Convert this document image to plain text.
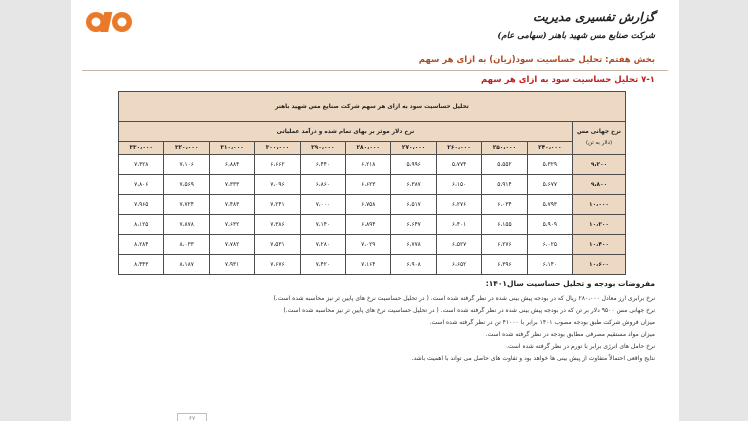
گزارش تفسیری مدیریت
شرکت صنایع مس شهید باهنر (سهامی عام)
بخش هفتم: تحلیل حساسیت سود(زیان) به ازای هر سهم
۷-۱ تحلیل حساسیت سود به ازای هر سهم
تحلیل حساسیت سود به ازای هر سهم شرکت صنایع مس شهید باهنر										
نرخ جهانی مس
(دلار به تن)	نرخ دلار موثر بر بهای تمام شده و درآمد عملیاتی									
	۲۴۰،۰۰۰	۲۵۰،۰۰۰	۲۶۰،۰۰۰	۲۷۰،۰۰۰	۲۸۰،۰۰۰	۲۹۰،۰۰۰	۳۰۰،۰۰۰	۳۱۰،۰۰۰	۳۲۰،۰۰۰	۳۳۰،۰۰۰
۹،۲۰۰	۵،۳۲۹	۵،۵۵۲	۵،۷۷۴	۵،۹۹۶	۶،۲۱۸	۶،۴۴۰	۶،۶۶۲	۶،۸۸۴	۷،۱۰۶	۷،۳۲۸
۹،۸۰۰	۵،۶۷۷	۵،۹۱۴	۶،۱۵۰	۶،۳۸۷	۶،۶۲۳	۶،۸۶۰	۷،۰۹۶	۷،۳۳۳	۷،۵۶۹	۷،۸۰۶
۱۰،۰۰۰	۵،۷۹۳	۶،۰۳۴	۶،۲۷۶	۶،۵۱۷	۶،۷۵۸	۷،۰۰۰	۷،۲۴۱	۷،۴۸۳	۷،۷۲۴	۷،۹۶۵
۱۰،۲۰۰	۵،۹۰۹	۶،۱۵۵	۶،۴۰۱	۶،۶۴۷	۶،۸۹۴	۷،۱۴۰	۷،۳۸۶	۷،۶۳۲	۷،۸۷۸	۸،۱۲۵
۱۰،۴۰۰	۶،۰۲۵	۶،۲۷۶	۶،۵۲۷	۶،۷۷۸	۷،۰۲۹	۷،۲۸۰	۷،۵۳۱	۷،۷۸۲	۸،۰۳۳	۸،۲۸۴
۱۰،۶۰۰	۶،۱۴۰	۶،۳۹۶	۶،۶۵۲	۶،۹۰۸	۷،۱۶۴	۷،۴۲۰	۷،۶۷۶	۷،۹۳۱	۸،۱۸۷	۸،۴۴۳
مفروضات بودجه و تحلیل حساسیت سال۱۴۰۱:
نرخ برابری ارز معادل ۲۸۰،۰۰۰ ریال که در بودجه پیش بینی شده در نظر گرفته شده است. ( در تحلیل حساسیت نرخ های پایین تر نیز محاسبه شده است.)
نرخ جهانی مس ۹۵۰۰ دلار بر تن که در بودجه پیش بینی شده در نظر گرفته شده است. ( در تحلیل حساسیت نرخ های پایین تر نیز محاسبه شده است.)
میزان فروش شرکت طبق بودجه مصوب ۱۴۰۱ برابر با ۴۱۰۰۰ تن در نظر گرفته شده است.
میزان مواد مستقیم مصرفی مطابق بودجه در نظر گرفته شده است.
نرخ حامل های انرژی برابر با تورم در نظر گرفته شده است.
نتایج واقعی احتمالاً متفاوت از پیش بینی ها خواهد بود و تفاوت های حاصل می تواند با اهمیت باشد.
۶۷
